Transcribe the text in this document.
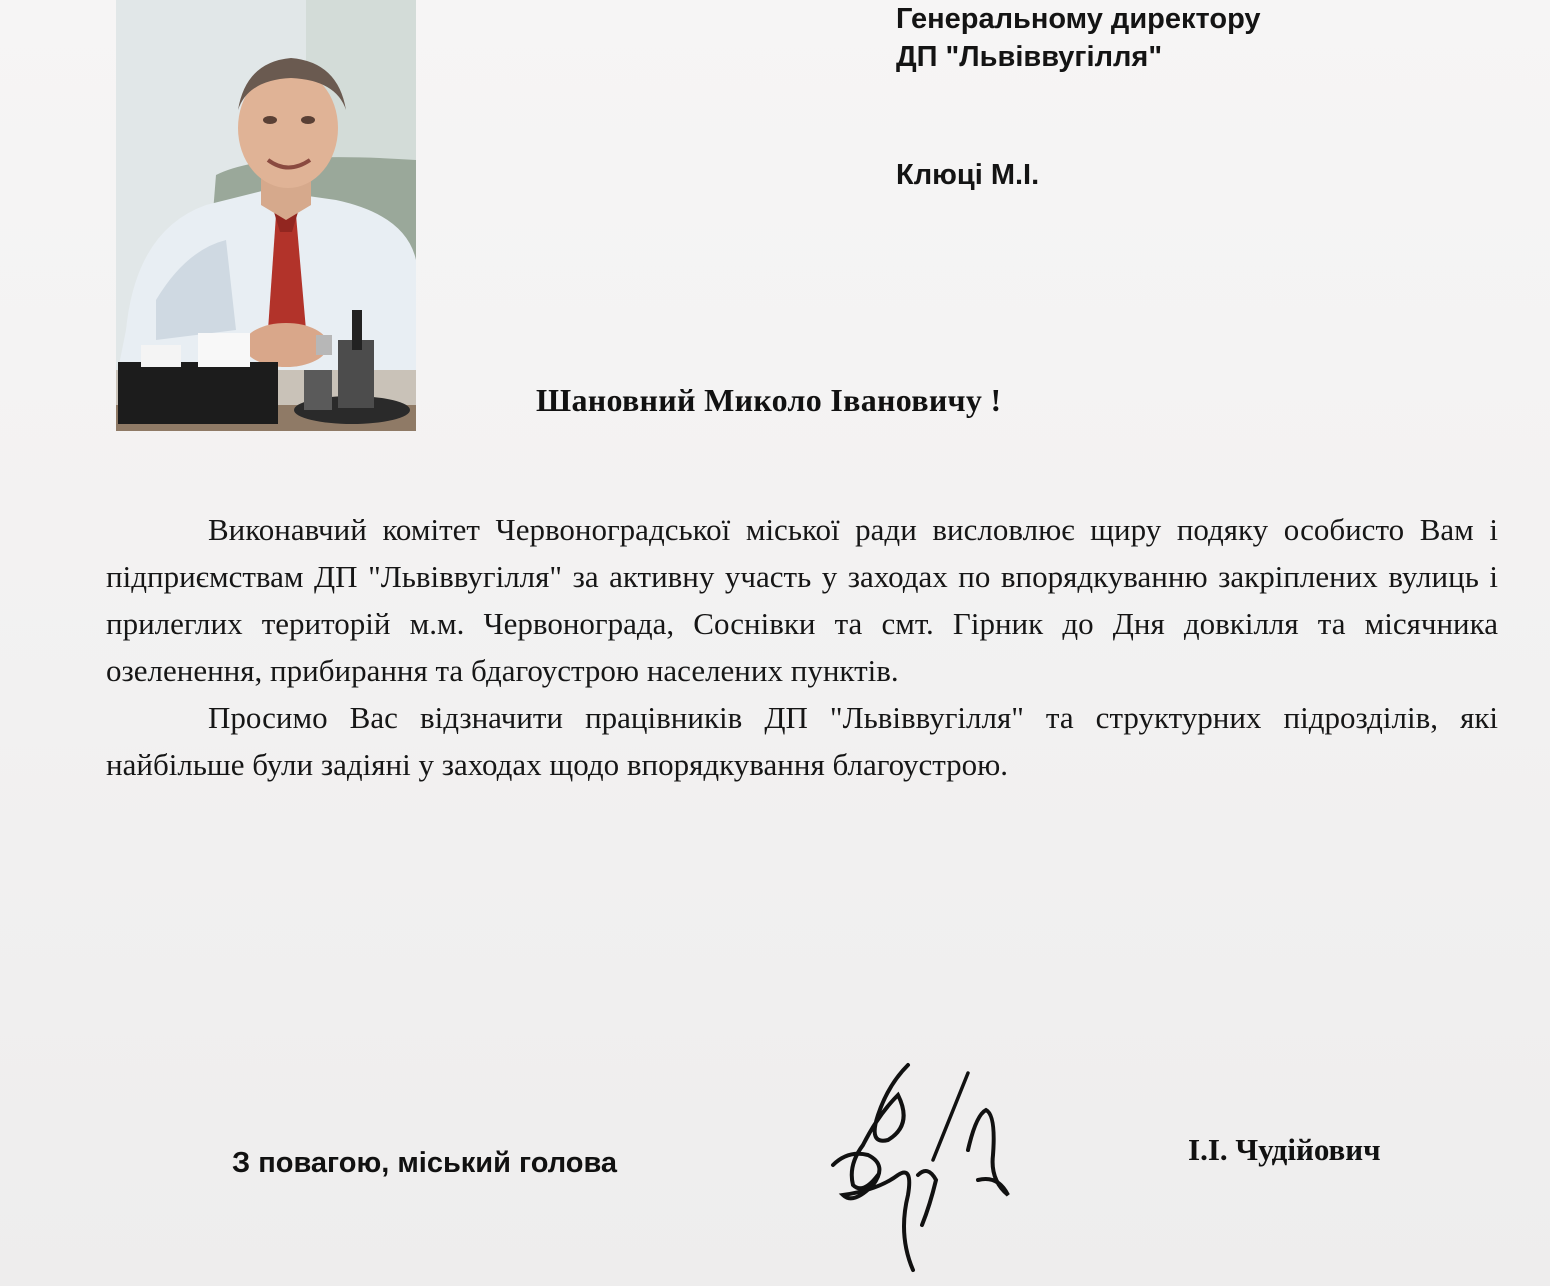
Генеральному директору
ДП "Львіввугілля"
Клюці М.І.
Шановний Миколо Івановичу !

Виконавчий комітет Червоноградської міської ради висловлює щиру подяку особисто Вам і підприємствам ДП "Львіввугілля" за активну участь у заходах по впорядкуванню закріплених вулиць і прилеглих територій м.м. Червонограда, Соснівки та смт. Гірник до Дня довкілля та місячника озеленення, прибирання та бдагоустрою населених пунктів.

Просимо Вас відзначити працівників ДП "Львіввугілля" та структурних підрозділів, які найбільше були задіяні у заходах щодо впорядкування благоустрою.

З повагою, міський голова	І.І. Чудійович
